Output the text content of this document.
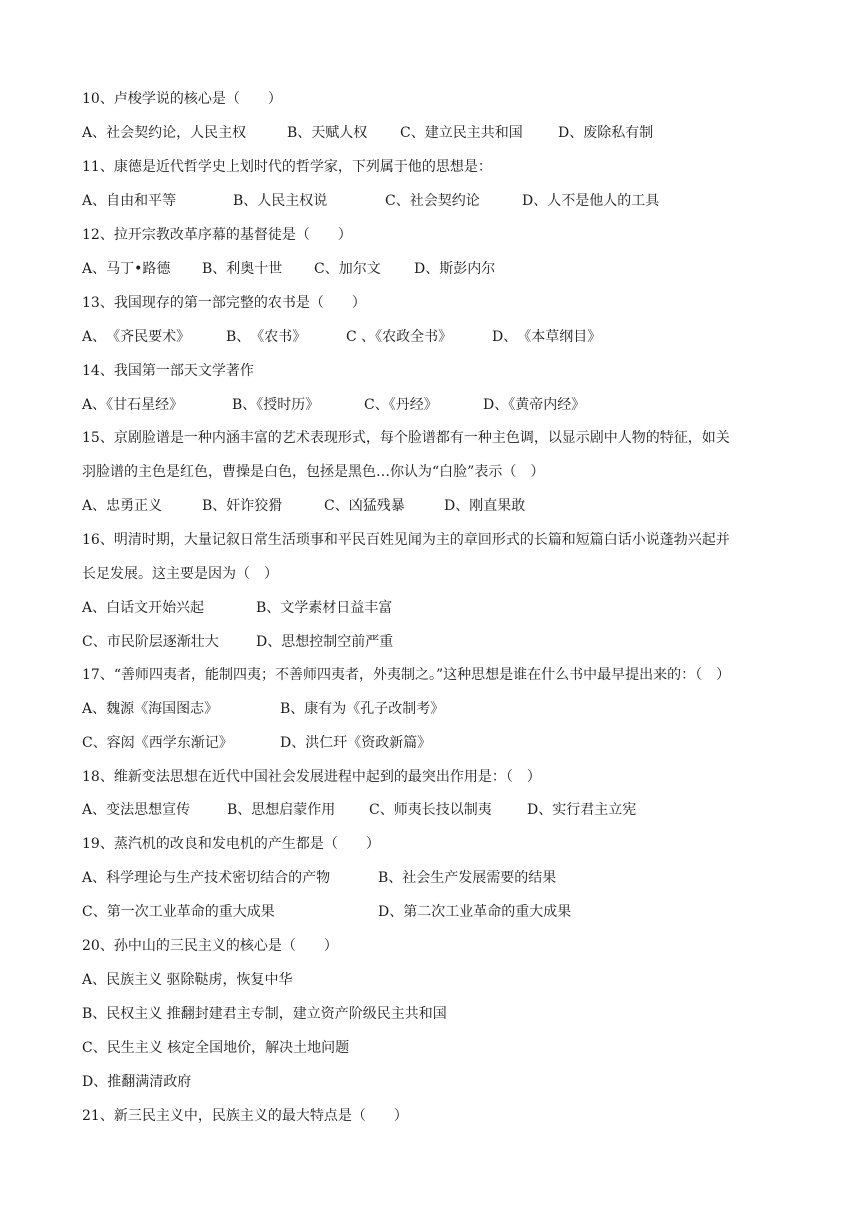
10、卢梭学说的核心是（　　）
A、社会契约论，人民主权	B、天赋人权 C、建立民主共和国	D、废除私有制
11、康德是近代哲学史上划时代的哲学家，下列属于他的思想是：
A、自由和平等	B、人民主权说	C、社会契约论	D、人不是他人的工具
12、拉开宗教改革序幕的基督徒是（　　）
A、马丁•路德 B、利奥十世 C、加尔文 D、斯彭内尔
13、我国现存的第一部完整的农书是（　　）
A、　《齐民要术》	B、　《农书》	C 、《农政全书》	D、　《本草纲目》
14、我国第一部天文学著作
A、《甘石星经》	B、《授时历》	C、《丹经》	D、《黄帝内经》
15、京剧脸谱是一种内涵丰富的艺术表现形式，每个脸谱都有一种主色调，以显示剧中人物的特征，如关
羽脸谱的主色是红色，曹操是白色，包拯是黑色…你认为“白脸”表示（　）
A、忠勇正义	B、奸诈狡猾	C、凶猛残暴	D、刚直果敢
16、明清时期，大量记叙日常生活琐事和平民百姓见闻为主的章回形式的长篇和短篇白话小说蓬勃兴起并
长足发展。这主要是因为（　）
A、白话文开始兴起	B、文学素材日益丰富
C、市民阶层逐渐壮大	D、思想控制空前严重
17、“善师四夷者，能制四夷；不善师四夷者，外夷制之。”这种思想是谁在什么书中最早提出来的：（　）
A、魏源《海国图志》	B、康有为《孔子改制考》
C、容闳《西学东渐记》	D、洪仁玕《资政新篇》
18、维新变法思想在近代中国社会发展进程中起到的最突出作用是：（　）
A、变法思想宣传	B、思想启蒙作用 C、师夷长技以制夷	D、实行君主立宪
19、蒸汽机的改良和发电机的产生都是（　　）
A、科学理论与生产技术密切结合的产物	B、社会生产发展需要的结果
C、第一次工业革命的重大成果	D、第二次工业革命的重大成果
20、孙中山的三民主义的核心是（　　）
A、民族主义 驱除鞑虏，恢复中华
B、民权主义 推翻封建君主专制，建立资产阶级民主共和国
C、民生主义 核定全国地价，解决土地问题
D、推翻满清政府
21、新三民主义中，民族主义的最大特点是（　　）
